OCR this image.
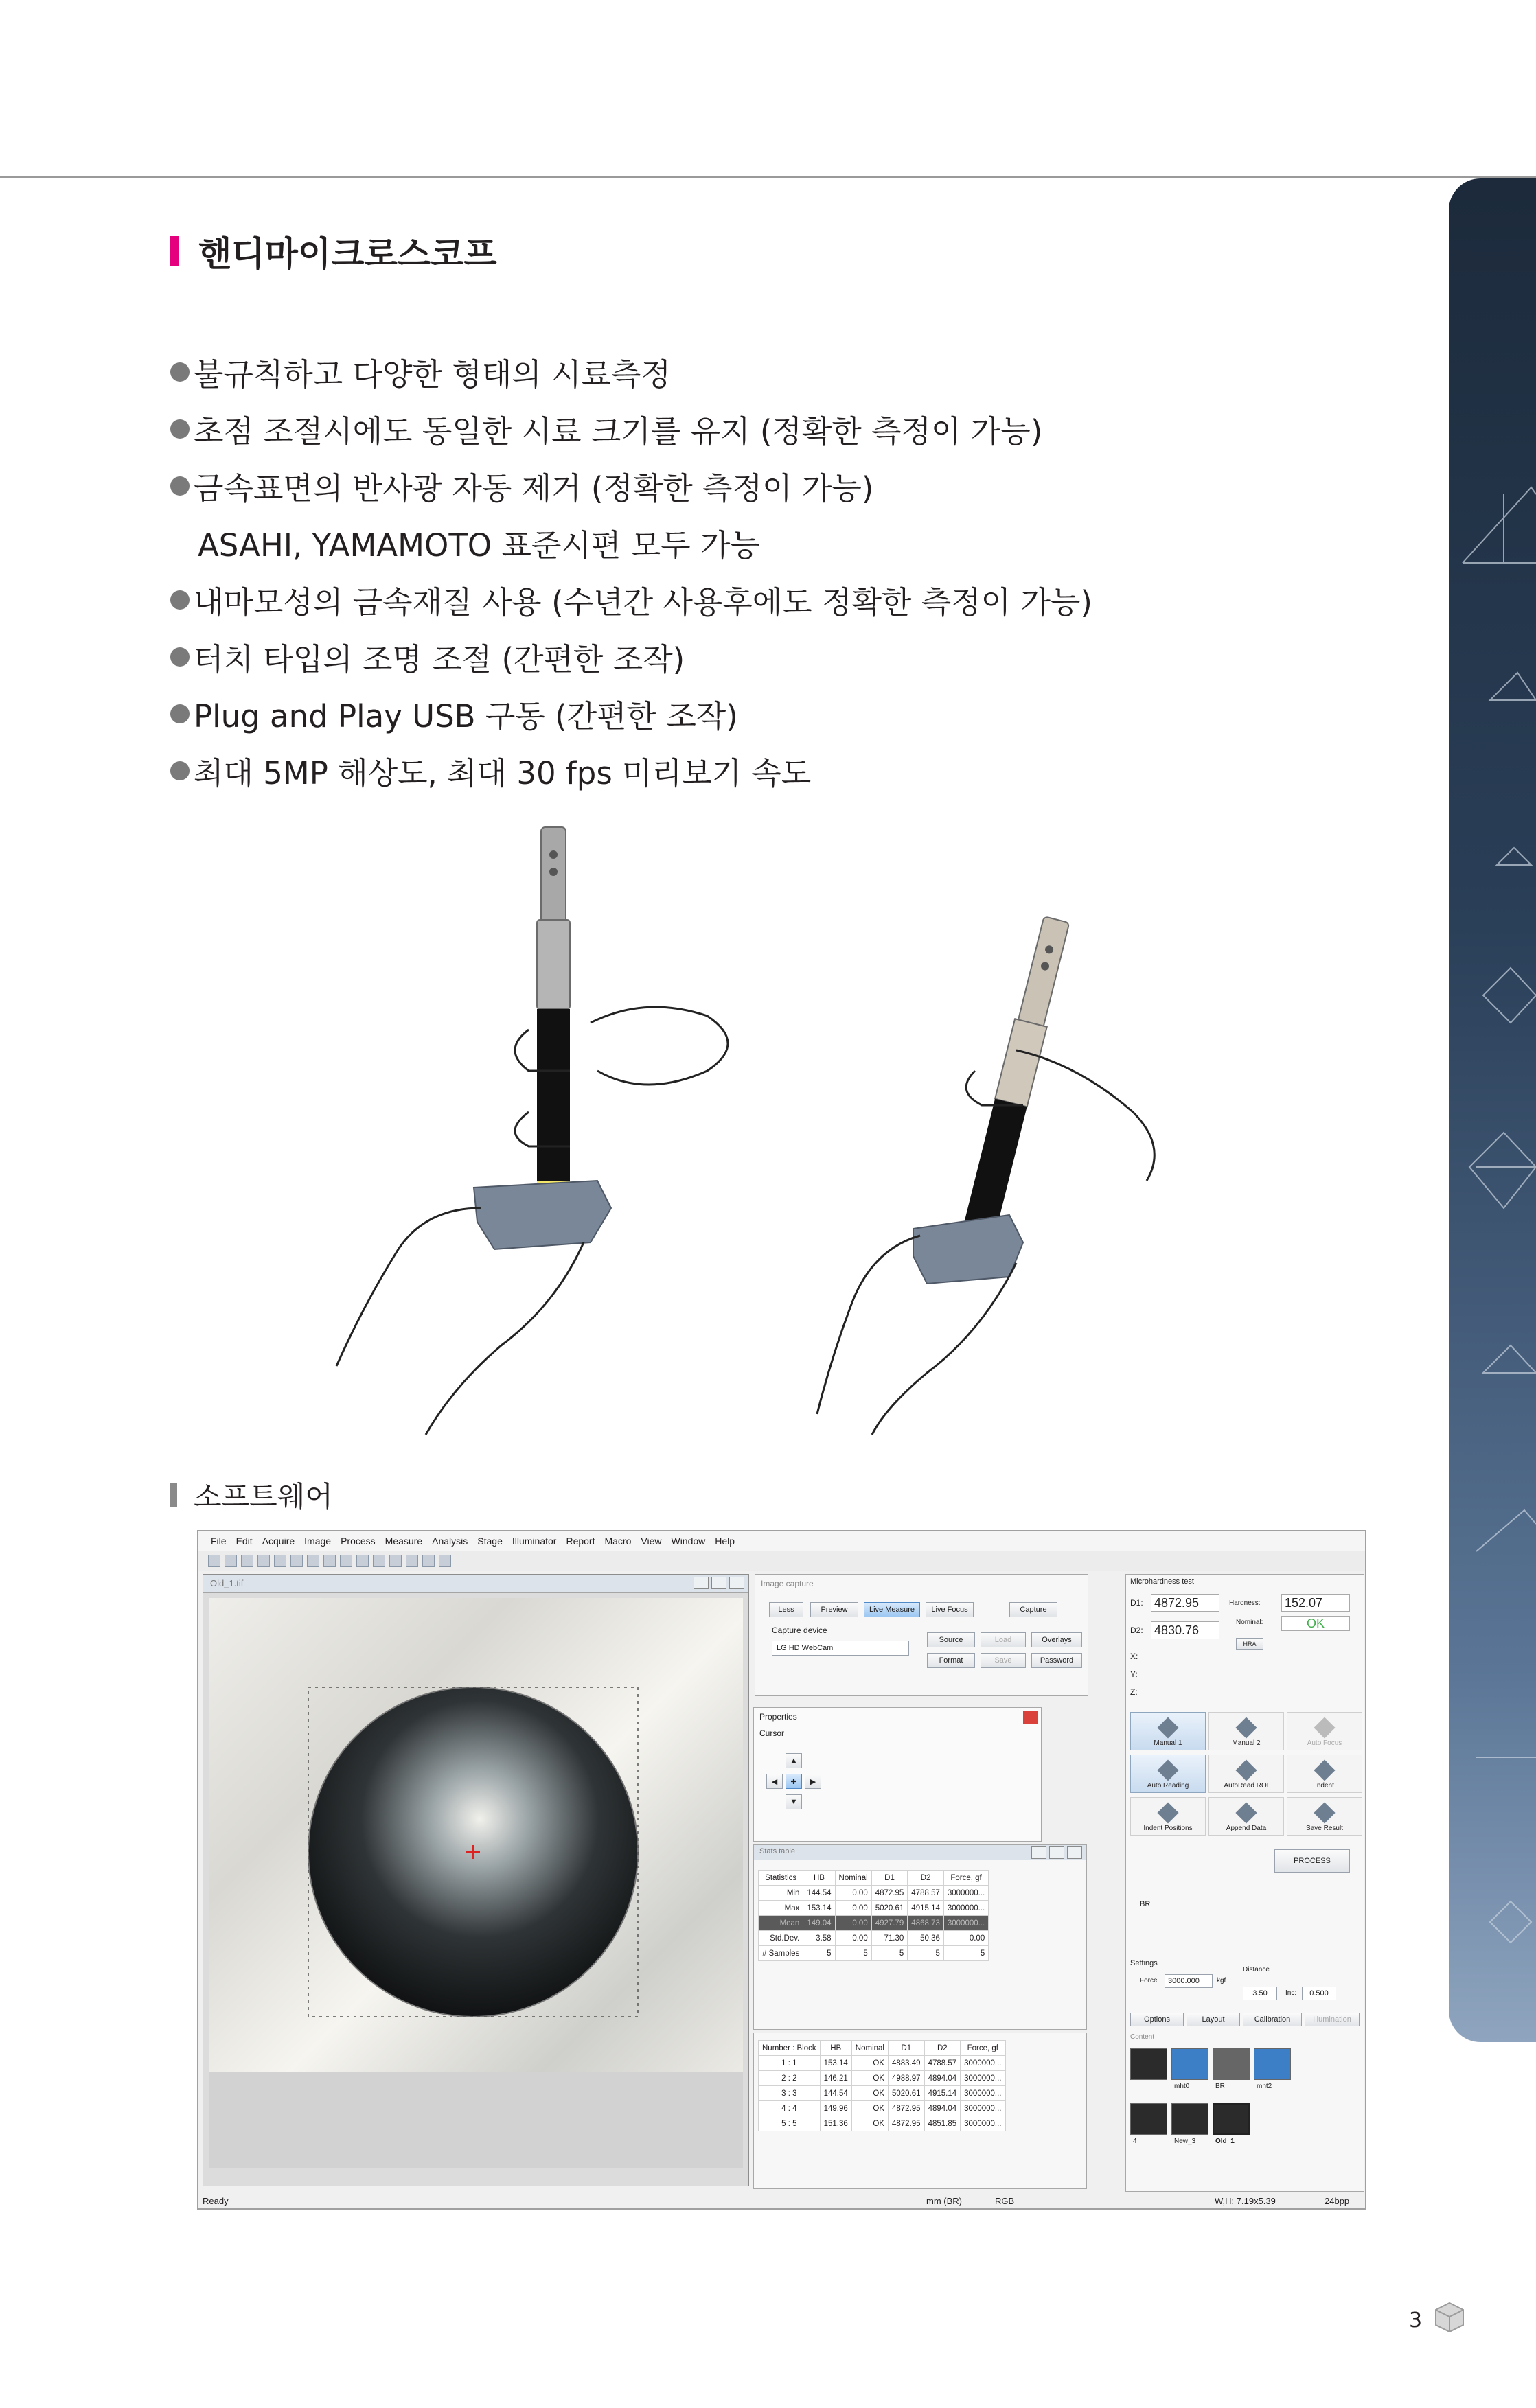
핸디마이크로스코프
불규칙하고 다양한 형태의 시료측정
초점 조절시에도 동일한 시료 크기를 유지 (정확한 측정이 가능)
금속표면의 반사광 자동 제거 (정확한 측정이 가능)
ASAHI, YAMAMOTO 표준시편 모두 가능
내마모성의 금속재질 사용 (수년간 사용후에도 정확한 측정이 가능)
터치 타입의 조명 조절 (간편한 조작)
Plug and Play USB 구동 (간편한 조작)
최대 5MP 해상도, 최대 30 fps 미리보기 속도
소프트웨어
File Edit Acquire Image Process Measure Analysis Stage Illuminator Report Macro View Window Help
Old_1.tif	Image capture
Less	Preview	Live Measure	Live Focus	Capture
Capture device
LG HD WebCam
Source	Load	Overlays
Format	Save	Password
Properties
Cursor
▲
◀	✚	▶
▼
Stats table
Statistics	HB	Nominal	D1	D2	Force, gf
Min	144.54	0.00	4872.95	4788.57	3000000...
Max	153.14	0.00	5020.61	4915.14	3000000...
Mean	149.04	0.00	4927.79	4868.73	3000000...
Std.Dev.	3.58	0.00	71.30	50.36	0.00
# Samples	5	5	5	5	5
Number : Block	HB	Nominal	D1	D2	Force, gf
1 : 1	153.14	OK	4883.49	4788.57	3000000...
2 : 2	146.21	OK	4988.97	4894.04	3000000...
3 : 3	144.54	OK	5020.61	4915.14	3000000...
4 : 4	149.96	OK	4872.95	4894.04	3000000...
5 : 5	151.36	OK	4872.95	4851.85	3000000...
Microhardness test
D1: 4872.95
D2: 4830.76
Hardness: 152.07
Nominal:	OK
HRA
X:
Y:
Z:
Manual 1	Manual 2	Auto Focus
Auto Reading	AutoRead ROI	Indent
Indent Positions	Append Data	Save Result
PROCESS
BR
Settings
Force	3000.000	kgf
Distance
3.50	Inc:	0.500
Options	Layout	Calibration	Illumination
Content
mht0	BR	mht2
4	New_3	Old_1
Ready	mm (BR)	RGB	W,H: 7.19x5.39	24bpp
3
